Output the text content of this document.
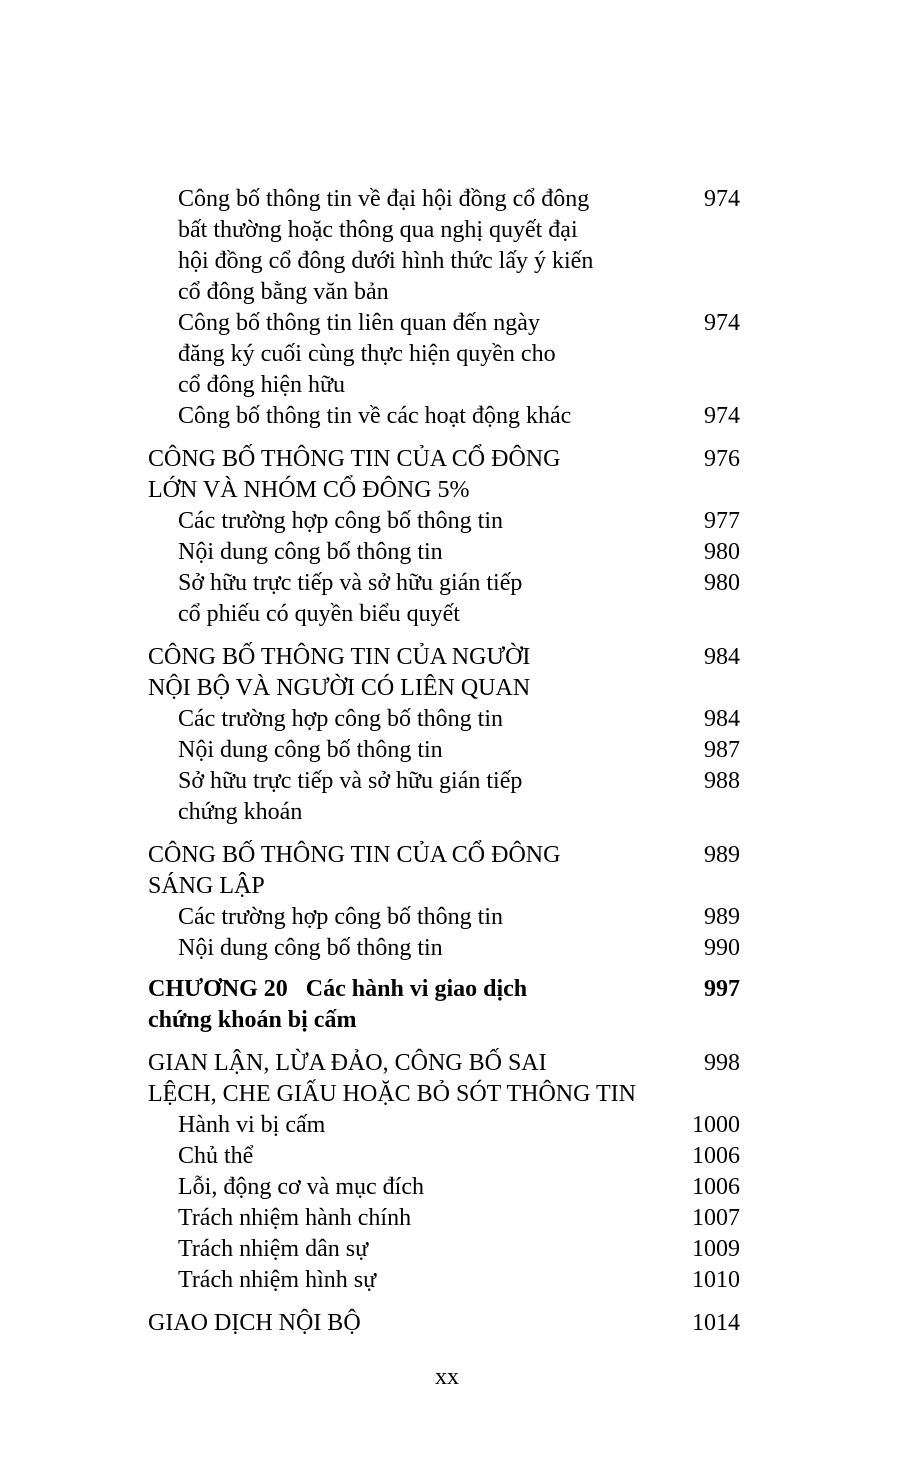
Công bố thông tin về đại hội đồng cổ đông
bất thường hoặc thông qua nghị quyết đại
hội đồng cổ đông dưới hình thức lấy ý kiến
cổ đông bằng văn bản
974
Công bố thông tin liên quan đến ngày
đăng ký cuối cùng thực hiện quyền cho
cổ đông hiện hữu
974
Công bố thông tin về các hoạt động khác	974
CÔNG BỐ THÔNG TIN CỦA CỔ ĐÔNG
LỚN VÀ NHÓM CỔ ĐÔNG 5%
976
Các trường hợp công bố thông tin	977
Nội dung công bố thông tin	980
Sở hữu trực tiếp và sở hữu gián tiếp
cổ phiếu có quyền biểu quyết
980
CÔNG BỐ THÔNG TIN CỦA NGƯỜI
NỘI BỘ VÀ NGƯỜI CÓ LIÊN QUAN
984
Các trường hợp công bố thông tin	984
Nội dung công bố thông tin	987
Sở hữu trực tiếp và sở hữu gián tiếp
chứng khoán
988
CÔNG BỐ THÔNG TIN CỦA CỔ ĐÔNG
SÁNG LẬP
989
Các trường hợp công bố thông tin	989
Nội dung công bố thông tin	990
CHƯƠNG 20   Các hành vi giao dịch
chứng khoán bị cấm
997
GIAN LẬN, LỪA ĐẢO, CÔNG BỐ SAI
LỆCH, CHE GIẤU HOẶC BỎ SÓT THÔNG TIN
998
Hành vi bị cấm	1000
Chủ thể	1006
Lỗi, động cơ và mục đích	1006
Trách nhiệm hành chính	1007
Trách nhiệm dân sự	1009
Trách nhiệm hình sự	1010
GIAO DỊCH NỘI BỘ	1014
xx
